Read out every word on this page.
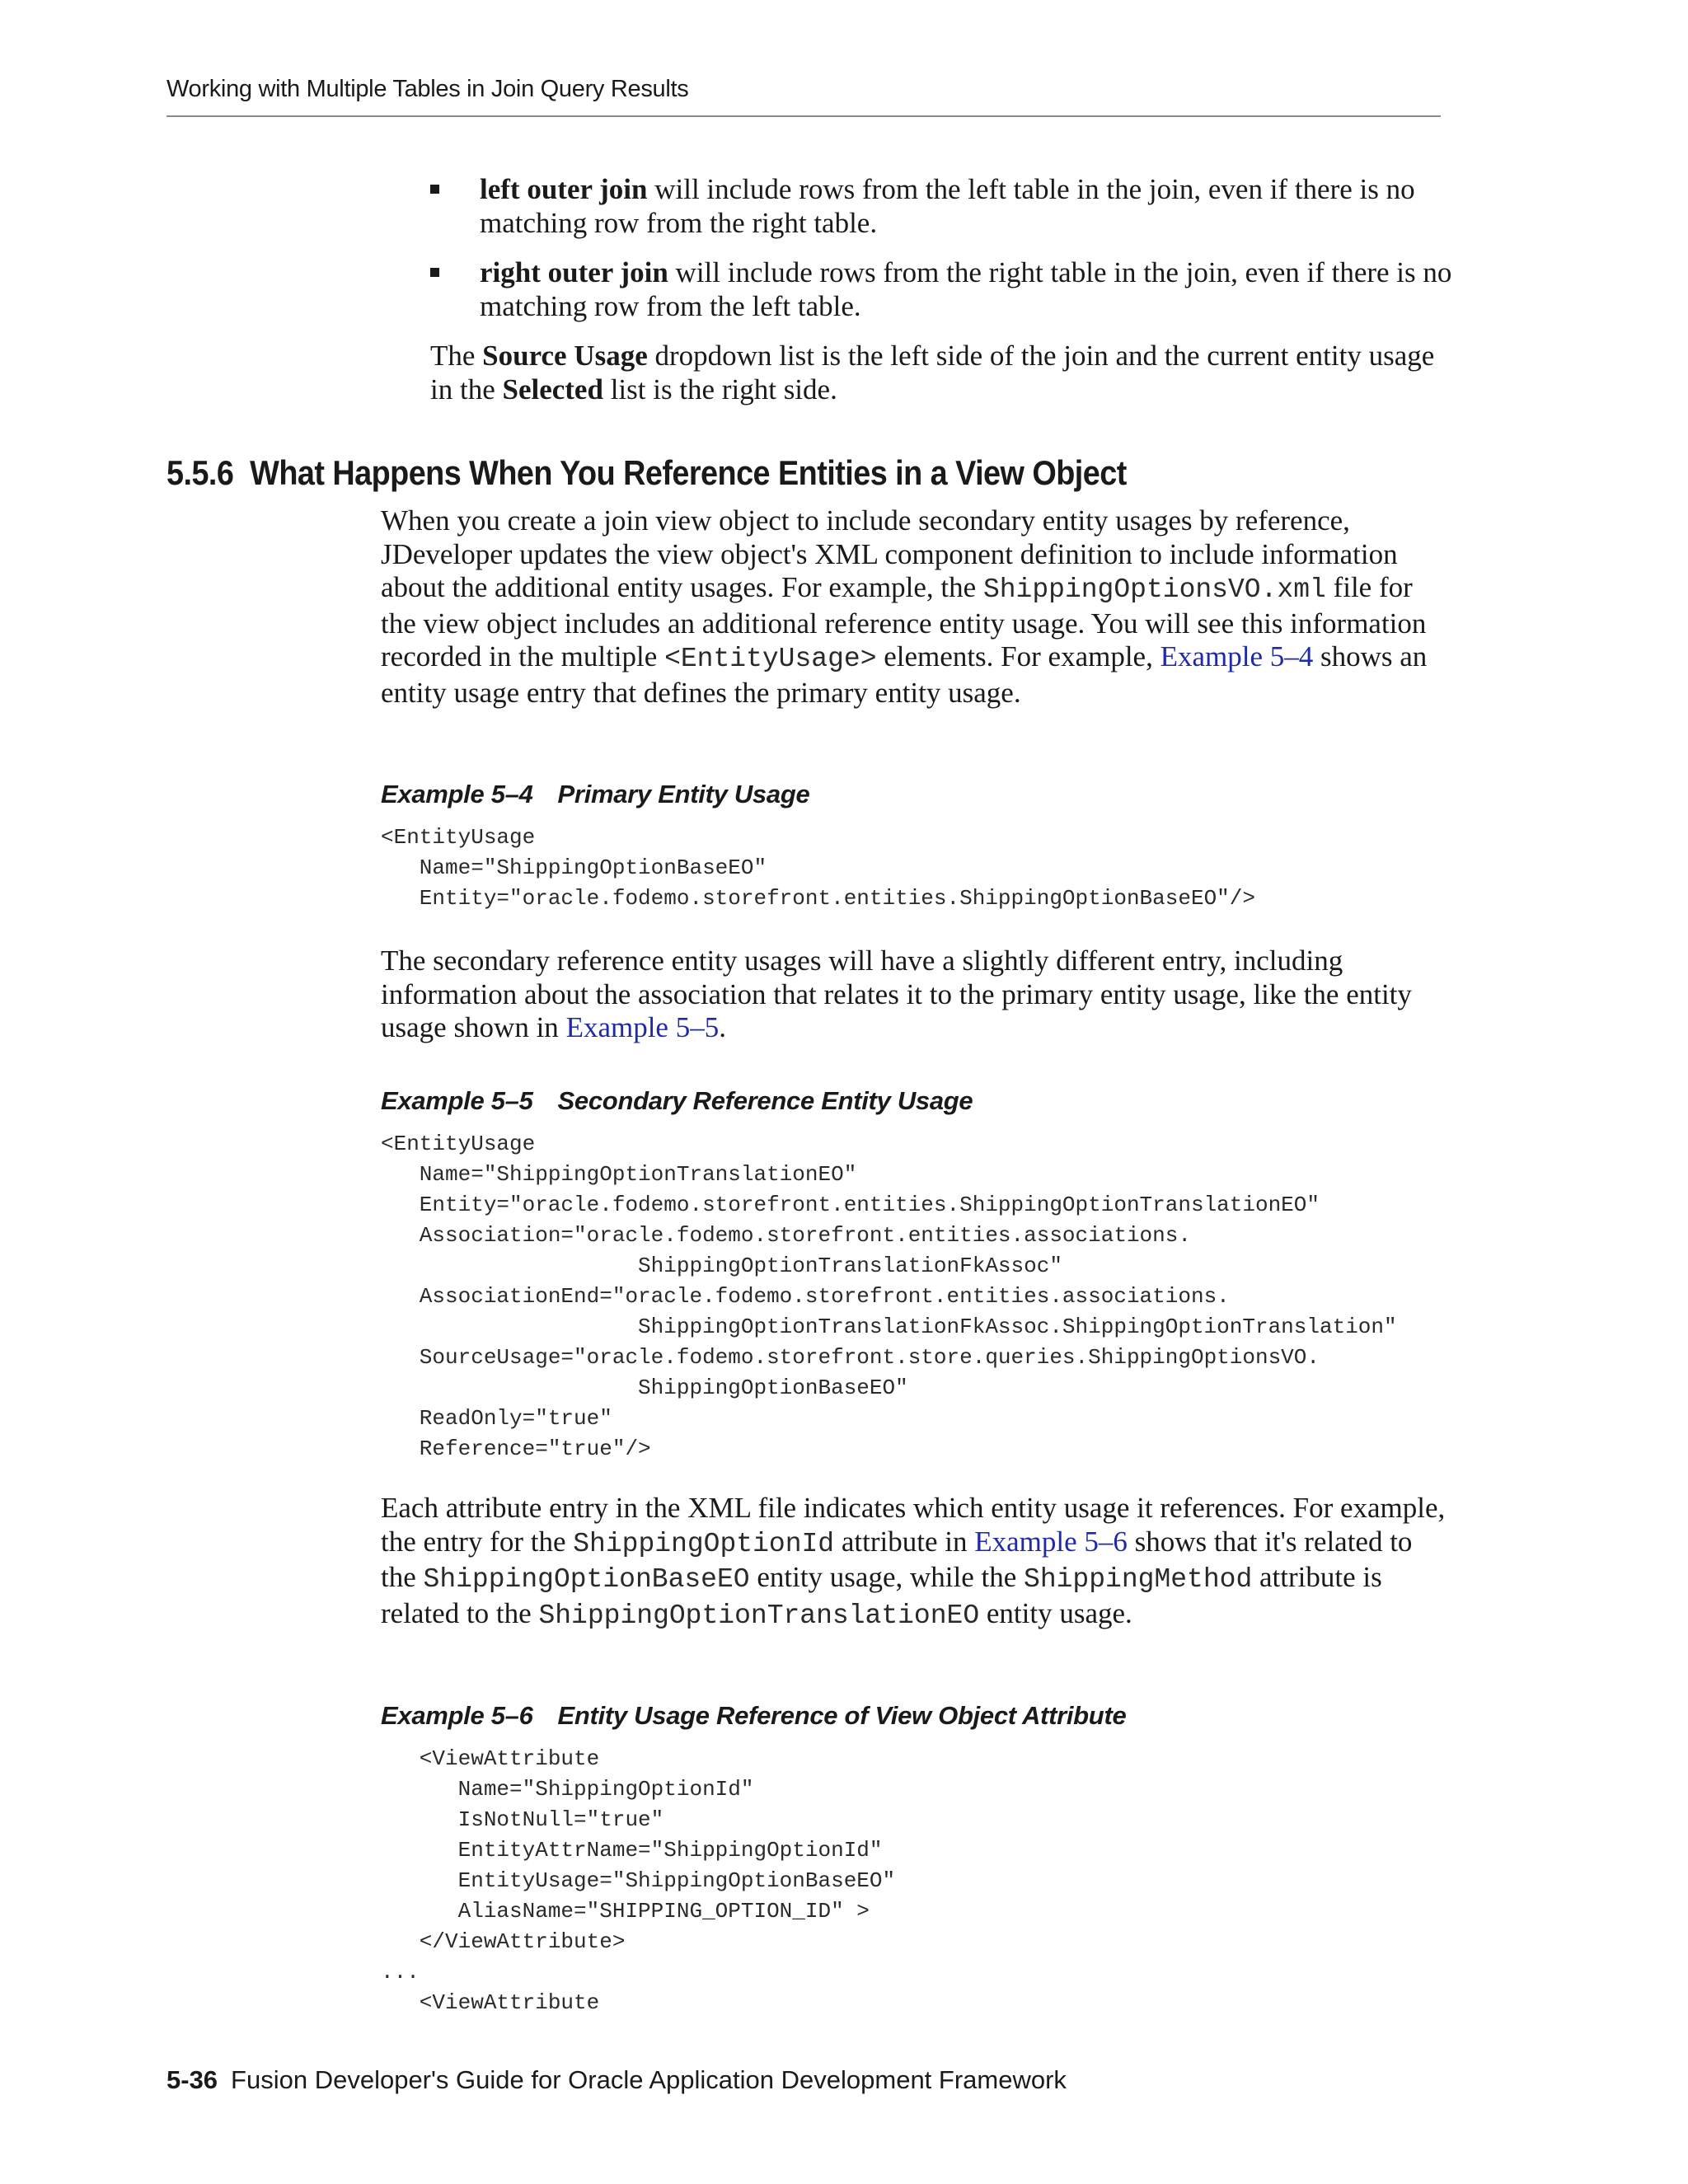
Working with Multiple Tables in Join Query Results

left outer join will include rows from the left table in the join, even if there is no matching row from the right table.

right outer join will include rows from the right table in the join, even if there is no matching row from the left table.

The Source Usage dropdown list is the left side of the join and the current entity usage in the Selected list is the right side.

5.5.6 What Happens When You Reference Entities in a View Object

When you create a join view object to include secondary entity usages by reference, JDeveloper updates the view object's XML component definition to include information about the additional entity usages. For example, the ShippingOptionsVO.xml file for the view object includes an additional reference entity usage. You will see this information recorded in the multiple <EntityUsage> elements. For example, Example 5–4 shows an entity usage entry that defines the primary entity usage.

Example 5–4 Primary Entity Usage

<EntityUsage
Name="ShippingOptionBaseEO"
Entity="oracle.fodemo.storefront.entities.ShippingOptionBaseEO"/>

The secondary reference entity usages will have a slightly different entry, including information about the association that relates it to the primary entity usage, like the entity usage shown in Example 5–5.

Example 5–5 Secondary Reference Entity Usage

<EntityUsage
Name="ShippingOptionTranslationEO"
Entity="oracle.fodemo.storefront.entities.ShippingOptionTranslationEO"
Association="oracle.fodemo.storefront.entities.associations.
ShippingOptionTranslationFkAssoc"
AssociationEnd="oracle.fodemo.storefront.entities.associations.
ShippingOptionTranslationFkAssoc.ShippingOptionTranslation"
SourceUsage="oracle.fodemo.storefront.store.queries.ShippingOptionsVO.
ShippingOptionBaseEO"
ReadOnly="true"
Reference="true"/>

Each attribute entry in the XML file indicates which entity usage it references. For example, the entry for the ShippingOptionId attribute in Example 5–6 shows that it's related to the ShippingOptionBaseEO entity usage, while the ShippingMethod attribute is related to the ShippingOptionTranslationEO entity usage.

Example 5–6 Entity Usage Reference of View Object Attribute

<ViewAttribute
Name="ShippingOptionId"
IsNotNull="true"
EntityAttrName="ShippingOptionId"
EntityUsage="ShippingOptionBaseEO"
AliasName="SHIPPING_OPTION_ID" >
</ViewAttribute>
...
<ViewAttribute
5-36 Fusion Developer's Guide for Oracle Application Development Framework
